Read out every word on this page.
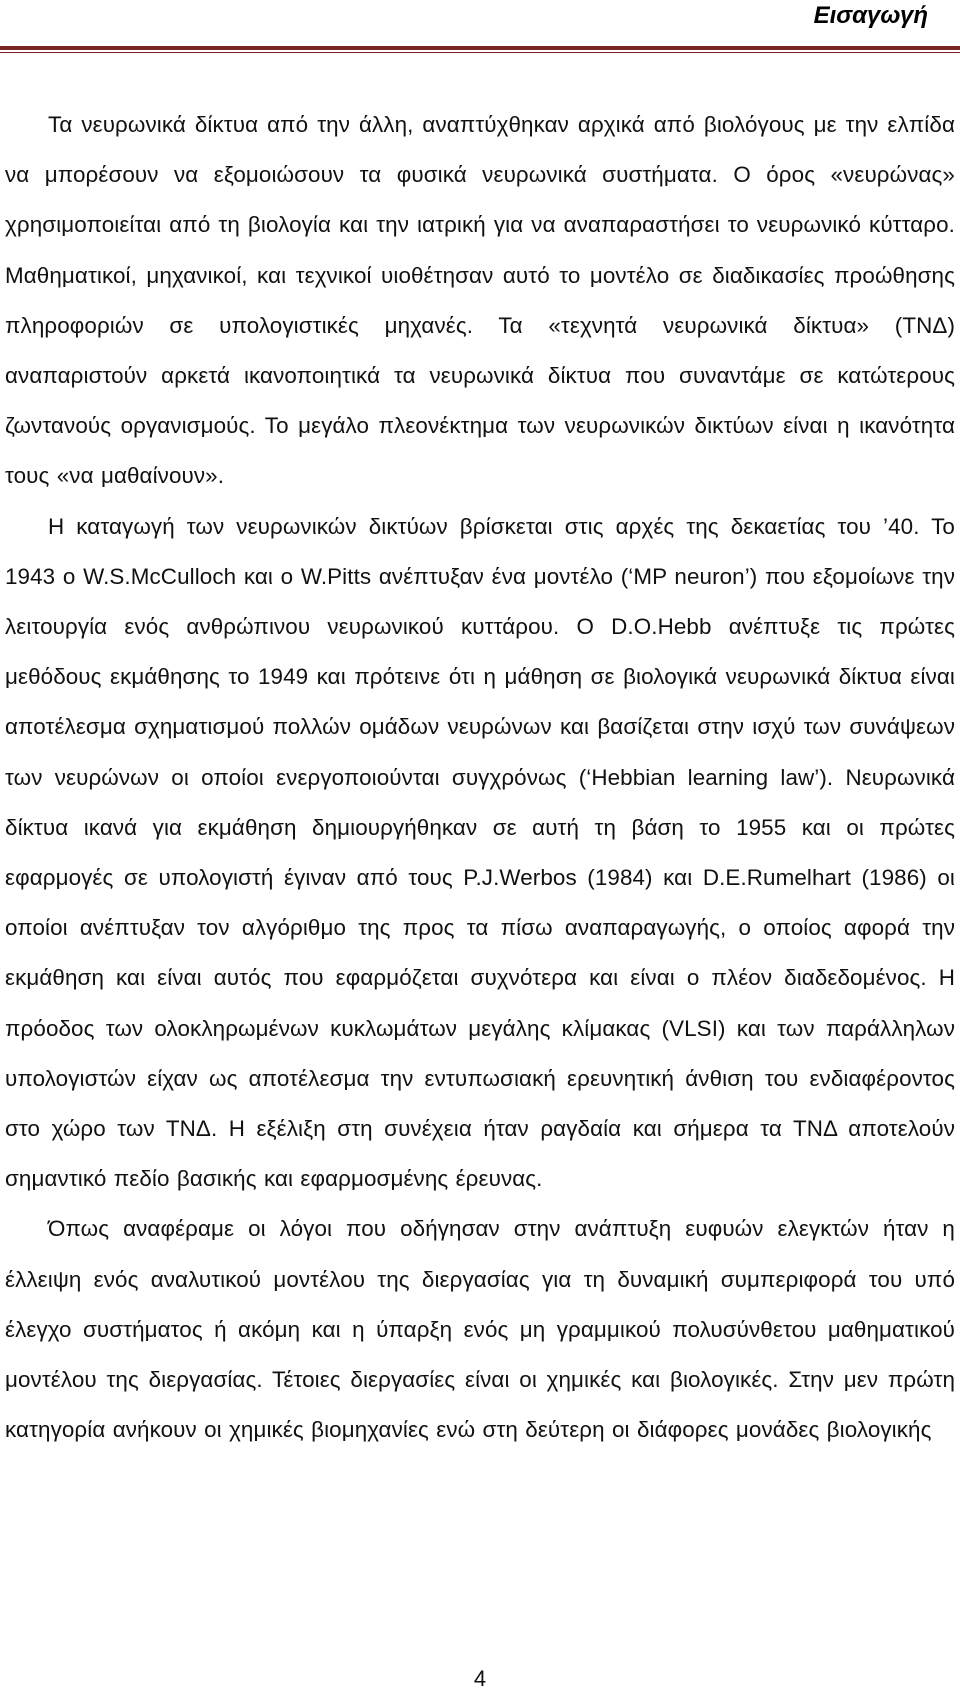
Εισαγωγή

Τα νευρωνικά δίκτυα από την άλλη, αναπτύχθηκαν αρχικά από βιολόγους με την ελπίδα να μπορέσουν να εξομοιώσουν τα φυσικά νευρωνικά συστήματα. Ο όρος «νευρώνας» χρησιμοποιείται από τη βιολογία και την ιατρική για να αναπαραστήσει το νευρωνικό κύτταρο. Μαθηματικοί, μηχανικοί, και τεχνικοί υιοθέτησαν αυτό το μοντέλο σε διαδικασίες προώθησης πληροφοριών σε υπολογιστικές μηχανές. Τα «τεχνητά νευρωνικά δίκτυα» (ΤΝΔ) αναπαριστούν αρκετά ικανοποιητικά τα νευρωνικά δίκτυα που συναντάμε σε κατώτερους ζωντανούς οργανισμούς. Το μεγάλο πλεονέκτημα των νευρωνικών δικτύων είναι η ικανότητα τους «να μαθαίνουν».

Η καταγωγή των νευρωνικών δικτύων βρίσκεται στις αρχές της δεκαετίας του ’40. Το 1943 ο W.S.McCulloch και ο W.Pitts ανέπτυξαν ένα μοντέλο (‘MP neuron’) που εξομοίωνε την λειτουργία ενός ανθρώπινου νευρωνικού κυττάρου. Ο D.O.Hebb ανέπτυξε τις πρώτες μεθόδους εκμάθησης το 1949 και πρότεινε ότι η μάθηση σε βιολογικά νευρωνικά δίκτυα είναι αποτέλεσμα σχηματισμού πολλών ομάδων νευρώνων και βασίζεται στην ισχύ των συνάψεων των νευρώνων οι οποίοι ενεργοποιούνται συγχρόνως (‘Hebbian learning law’). Νευρωνικά δίκτυα ικανά για εκμάθηση δημιουργήθηκαν σε αυτή τη βάση το 1955 και οι πρώτες εφαρμογές σε υπολογιστή έγιναν από τους P.J.Werbos (1984) και D.E.Rumelhart (1986) οι οποίοι ανέπτυξαν τον αλγόριθμο της προς τα πίσω αναπαραγωγής, ο οποίος αφορά την εκμάθηση και είναι αυτός που εφαρμόζεται συχνότερα και είναι ο πλέον διαδεδομένος. Η πρόοδος των ολοκληρωμένων κυκλωμάτων μεγάλης κλίμακας (VLSI) και των παράλληλων υπολογιστών είχαν ως αποτέλεσμα την εντυπωσιακή ερευνητική άνθιση του ενδιαφέροντος στο χώρο των ΤΝΔ. Η εξέλιξη στη συνέχεια ήταν ραγδαία και σήμερα τα ΤΝΔ αποτελούν σημαντικό πεδίο βασικής και εφαρμοσμένης έρευνας.

Όπως αναφέραμε οι λόγοι που οδήγησαν στην ανάπτυξη ευφυών ελεγκτών ήταν η έλλειψη ενός αναλυτικού μοντέλου της διεργασίας για τη δυναμική συμπεριφορά του υπό έλεγχο συστήματος ή ακόμη και η ύπαρξη ενός μη γραμμικού πολυσύνθετου μαθηματικού μοντέλου της διεργασίας. Τέτοιες διεργασίες είναι οι χημικές και βιολογικές. Στην μεν πρώτη κατηγορία ανήκουν οι χημικές βιομηχανίες ενώ στη δεύτερη οι διάφορες μονάδες βιολογικής

4
